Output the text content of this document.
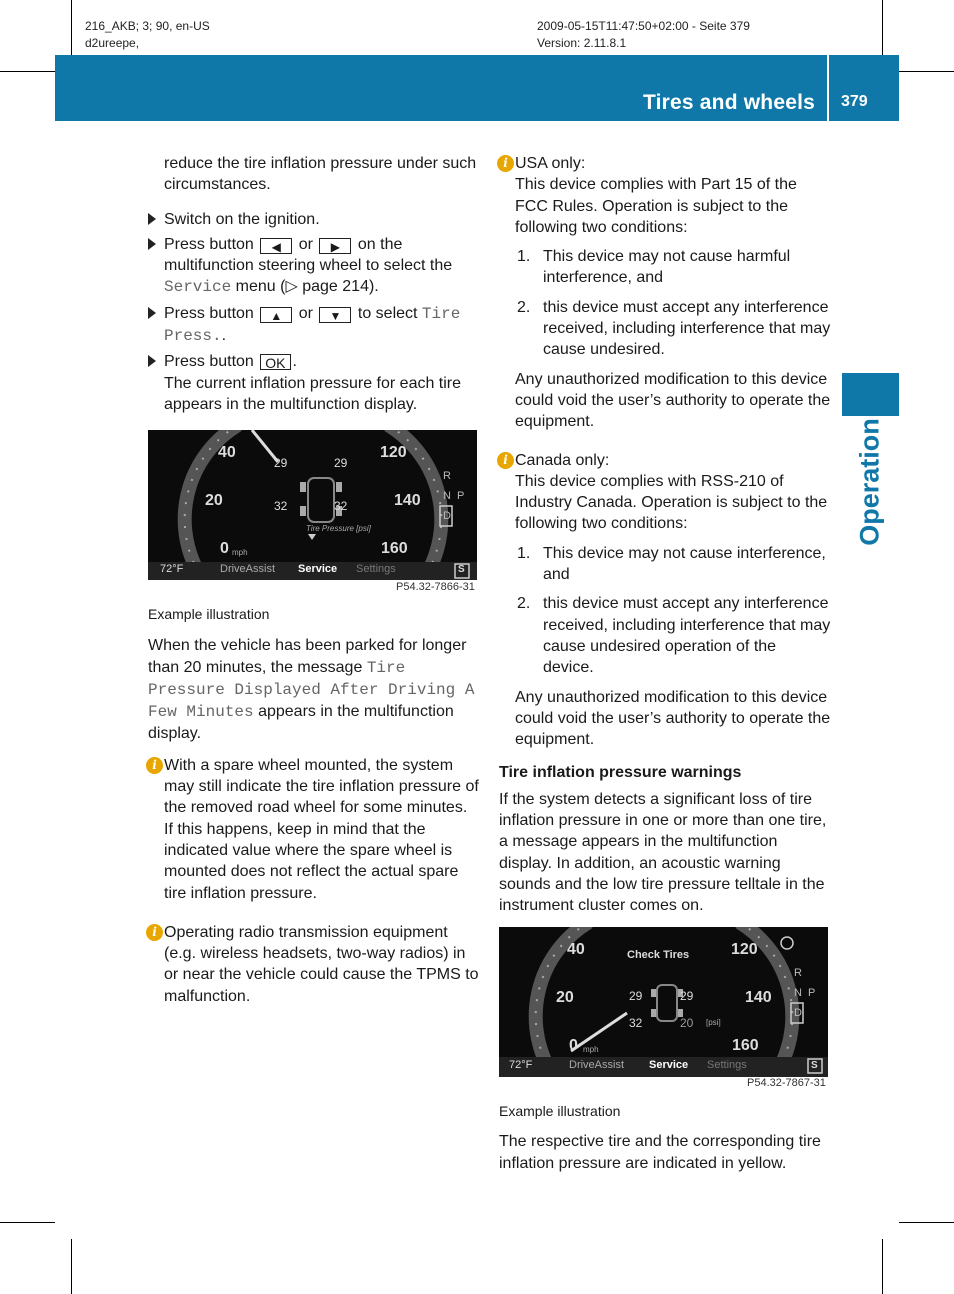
216_AKB; 3; 90, en-US
d2ureepe,
2009-05-15T11:47:50+02:00 - Seite 379
Version: 2.11.8.1
Tires and wheels 379
Operation

reduce the tire inflation pressure under such circumstances.

Switch on the ignition.

Press button ◀ or ▶ on the multifunction steering wheel to select the Service menu (▷ page 214).

Press button ▲ or ▼ to select Tire Press..

Press button OK .
The current inflation pressure for each tire appears in the multifunction display.

40
20
0 mph
120
140
160
29	29
32	32
Tire Pressure [psi]
R
N P
D
72°F	DriveAssist Service Settings	S
P54.32-7866-31

Example illustration

When the vehicle has been parked for longer than 20 minutes, the message Tire Pressure Displayed After Driving A Few Minutes appears in the multifunction display.

i With a spare wheel mounted, the system may still indicate the tire inflation pressure of the removed road wheel for some minutes. If this happens, keep in mind that the indicated value where the spare wheel is mounted does not reflect the actual spare tire inflation pressure.

i Operating radio transmission equipment (e.g. wireless headsets, two-way radios) in or near the vehicle could cause the TPMS to malfunction.

i USA only:
This device complies with Part 15 of the FCC Rules. Operation is subject to the following two conditions:

1. This device may not cause harmful interference, and
2. this device must accept any interference received, including interference that may cause undesired.

Any unauthorized modification to this device could void the user’s authority to operate the equipment.

i Canada only:
This device complies with RSS-210 of Industry Canada. Operation is subject to the following two conditions:

1. This device may not cause interference, and
2. this device must accept any interference received, including interference that may cause undesired operation of the device.

Any unauthorized modification to this device could void the user’s authority to operate the equipment.

Tire inflation pressure warnings

If the system detects a significant loss of tire inflation pressure in one or more than one tire, a message appears in the multifunction display. In addition, an acoustic warning sounds and the low tire pressure telltale in the instrument cluster comes on.

Check Tires
40
20
0 mph
120
140
160
29	29
32	20 [psi]
R
N P
D
72°F	DriveAssist Service Settings	S
P54.32-7867-31

Example illustration

The respective tire and the corresponding tire inflation pressure are indicated in yellow.
